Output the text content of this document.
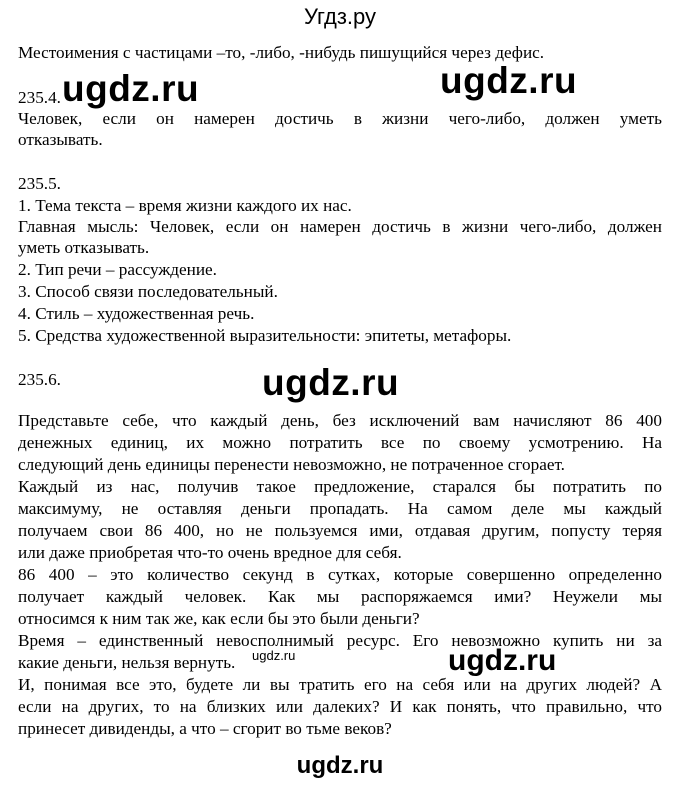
Угдз.ру
Местоимения с частицами –то, -либо, -нибудь пишущийся через дефис.
235.4.
Человек, если он намерен достичь в жизни чего-либо, должен уметь
отказывать.
235.5.
1. Тема текста – время жизни каждого их нас.
Главная мысль: Человек, если он намерен достичь в жизни чего-либо, должен
уметь отказывать.
2. Тип речи – рассуждение.
3. Способ связи последовательный.
4. Стиль – художественная речь.
5. Средства художественной выразительности: эпитеты, метафоры.
235.6.
Представьте себе, что каждый день, без исключений вам начисляют 86 400
денежных единиц, их можно потратить все по своему усмотрению. На
следующий день единицы перенести невозможно, не потраченное сгорает.
Каждый из нас, получив такое предложение, старался бы потратить по
максимуму, не оставляя деньги пропадать. На самом деле мы каждый
получаем свои 86 400, но не пользуемся ими, отдавая другим, попусту теряя
или даже приобретая что-то очень вредное для себя.
86 400 – это количество секунд в сутках, которые совершенно определенно
получает каждый человек. Как мы распоряжаемся ими? Неужели мы
относимся к ним так же, как если бы это были деньги?
Время – единственный невосполнимый ресурс. Его невозможно купить ни за
какие деньги, нельзя вернуть.
И, понимая все это, будете ли вы тратить его на себя или на других людей? А
если на других, то на близких или далеких? И как понять, что правильно, что
принесет дивиденды, а что – сгорит во тьме веков?
ugdz.ru	ugdz.ru
ugdz.ru
ugdz.ru	ugdz.ru
ugdz.ru
